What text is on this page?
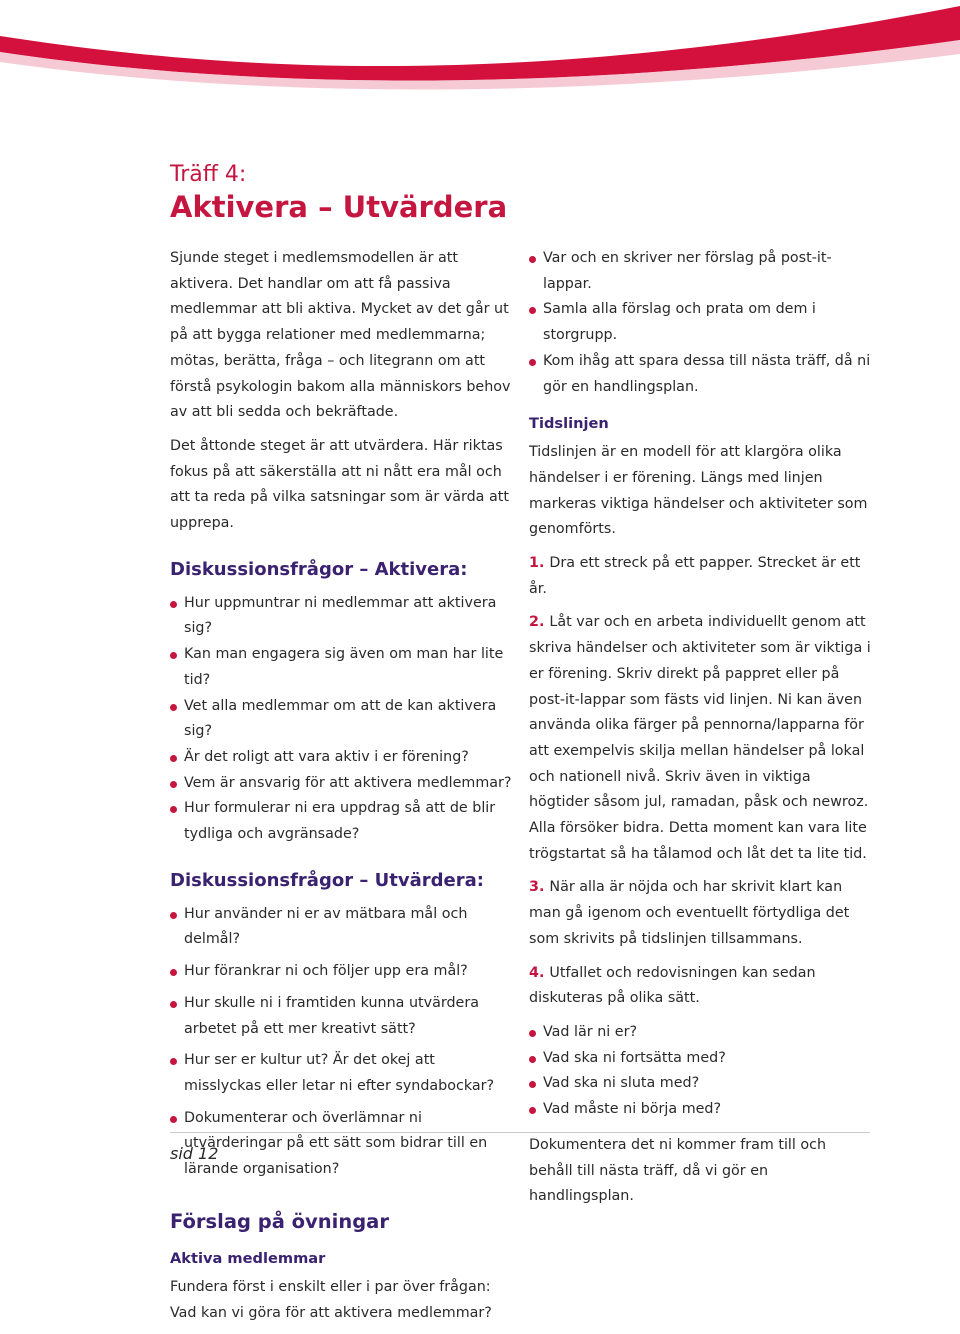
Träff 4:
Aktivera – Utvärdera

Sjunde steget i medlemsmodellen är att aktivera. Det handlar om att få passiva medlemmar att bli aktiva. Mycket av det går ut på att bygga relationer med medlemmarna; mötas, berätta, fråga – och litegrann om att förstå psykologin bakom alla människors behov av att bli sedda och bekräftade.

Det åttonde steget är att utvärdera. Här riktas fokus på att säkerställa att ni nått era mål och att ta reda på vilka satsningar som är värda att upprepa.

Diskussionsfrågor – Aktivera:
Hur uppmuntrar ni medlemmar att aktivera sig?
Kan man engagera sig även om man har lite tid?
Vet alla medlemmar om att de kan aktivera sig?
Är det roligt att vara aktiv i er förening?
Vem är ansvarig för att aktivera medlemmar?
Hur formulerar ni era uppdrag så att de blir tydliga och avgränsade?
Diskussionsfrågor – Utvärdera:
Hur använder ni er av mätbara mål och delmål?
Hur förankrar ni och följer upp era mål?
Hur skulle ni i framtiden kunna utvärdera arbetet på ett mer kreativt sätt?
Hur ser er kultur ut? Är det okej att misslyckas eller letar ni efter syndabockar?
Dokumenterar och överlämnar ni utvärderingar på ett sätt som bidrar till en lärande organisation?
Förslag på övningar
Aktiva medlemmar

Fundera först i enskilt eller i par över frågan: Vad kan vi göra för att aktivera medlemmar?

Var och en skriver ner förslag på post-it-lappar.
Samla alla förslag och prata om dem i storgrupp.
Kom ihåg att spara dessa till nästa träff, då ni gör en handlingsplan.
Tidslinjen

Tidslinjen är en modell för att klargöra olika händelser i er förening. Längs med linjen markeras viktiga händelser och aktiviteter som genomförts.

1. Dra ett streck på ett papper. Strecket är ett år.

2. Låt var och en arbeta individuellt genom att skriva händelser och aktiviteter som är viktiga i er förening. Skriv direkt på pappret eller på post-it-lappar som fästs vid linjen. Ni kan även använda olika färger på pennorna/lapparna för att exempelvis skilja mellan händelser på lokal och nationell nivå. Skriv även in viktiga högtider såsom jul, ramadan, påsk och newroz. Alla försöker bidra. Detta moment kan vara lite trögstartat så ha tålamod och låt det ta lite tid.

3. När alla är nöjda och har skrivit klart kan man gå igenom och eventuellt förtydliga det som skrivits på tidslinjen tillsammans.

4. Utfallet och redovisningen kan sedan diskuteras på olika sätt.

Vad lär ni er?
Vad ska ni fortsätta med?
Vad ska ni sluta med?
Vad måste ni börja med?

Dokumentera det ni kommer fram till och behåll till nästa träff, då vi gör en handlingsplan.

sid 12
